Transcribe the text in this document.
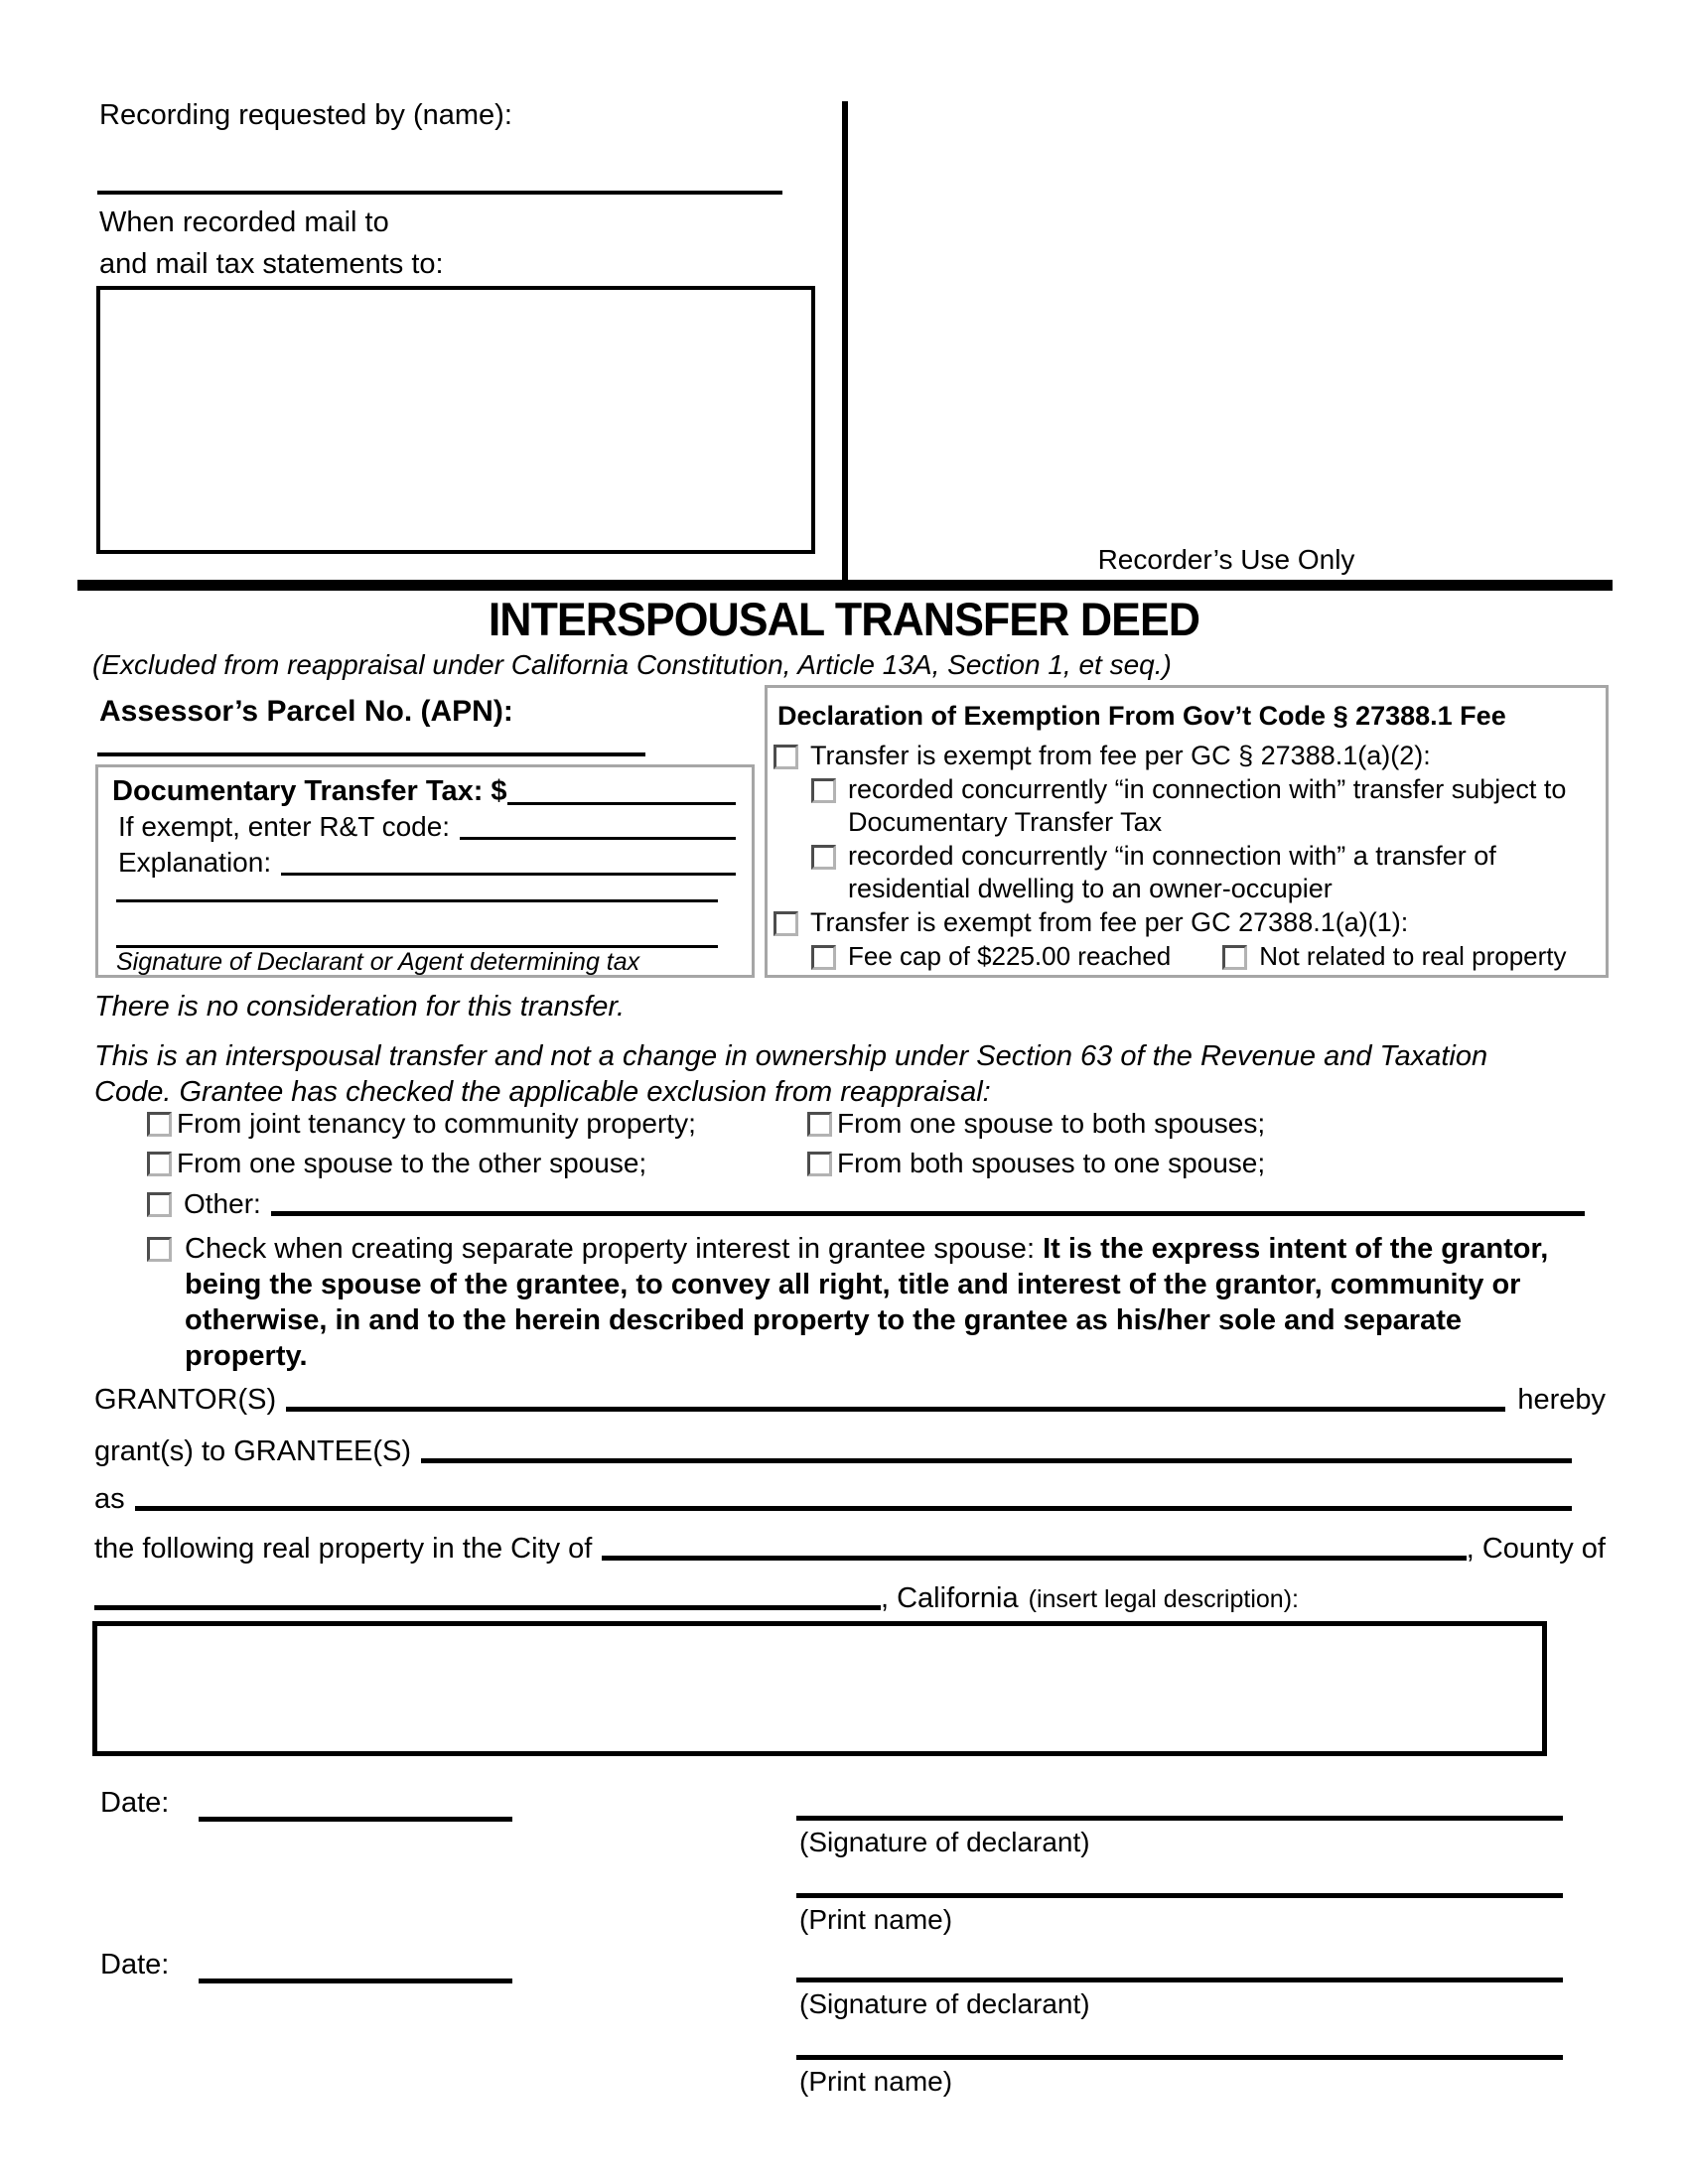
Recording requested by (name):
When recorded mail to
and mail tax statements to:
Recorder’s Use Only
INTERSPOUSAL TRANSFER DEED
(Excluded from reappraisal under California Constitution, Article 13A, Section 1, et seq.)
Assessor’s Parcel No. (APN):
Documentary Transfer Tax: $
If exempt, enter R&T code:
Explanation:
Signature of Declarant or Agent determining tax
Declaration of Exemption From Gov’t Code § 27388.1 Fee
Transfer is exempt from fee per GC § 27388.1(a)(2):
recorded concurrently “in connection with” transfer subject to Documentary Transfer Tax
recorded concurrently “in connection with” a transfer of residential dwelling to an owner-occupier
Transfer is exempt from fee per GC 27388.1(a)(1):
Fee cap of $225.00 reached	Not related to real property
There is no consideration for this transfer.
This is an interspousal transfer and not a change in ownership under Section 63 of the Revenue and Taxation Code. Grantee has checked the applicable exclusion from reappraisal:
From joint tenancy to community property;	From one spouse to both spouses;
From one spouse to the other spouse;	From both spouses to one spouse;
Other:
Check when creating separate property interest in grantee spouse: It is the express intent of the grantor, being the spouse of the grantee, to convey all right, title and interest of the grantor, community or otherwise, in and to the herein described property to the grantee as his/her sole and separate property.
GRANTOR(S)	hereby
grant(s) to GRANTEE(S)
as
the following real property in the City of	, County of
, California (insert legal description):
Date:
(Signature of declarant)
(Print name)
Date:
(Signature of declarant)
(Print name)
